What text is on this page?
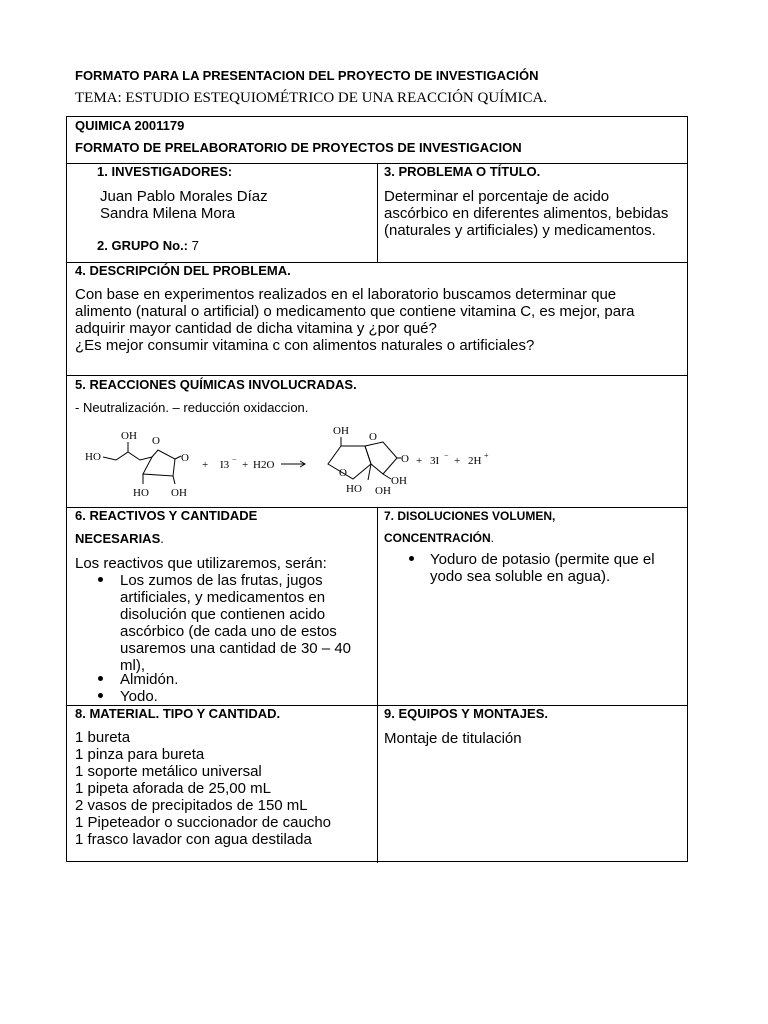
FORMATO PARA LA PRESENTACION DEL PROYECTO DE INVESTIGACIÓN
TEMA: ESTUDIO ESTEQUIOMÉTRICO DE UNA REACCIÓN QUÍMICA.
QUIMICA 2001179
FORMATO DE PRELABORATORIO DE PROYECTOS DE INVESTIGACION
1. INVESTIGADORES:
Juan Pablo Morales Díaz
Sandra Milena Mora
2. GRUPO No.: 7
3. PROBLEMA O TÍTULO.
Determinar el porcentaje de acido
ascórbico en diferentes alimentos, bebidas
(naturales y artificiales) y medicamentos.
4. DESCRIPCIÓN DEL PROBLEMA.
Con base en experimentos realizados en el laboratorio buscamos determinar que
alimento (natural o artificial) o medicamento que contiene vitamina C, es mejor, para
adquirir mayor cantidad de dicha vitamina y ¿por qué?
¿Es mejor consumir vitamina c con alimentos naturales o artificiales?
5. REACCIONES QUÍMICAS INVOLUCRADAS.
- Neutralización. – reducción oxidaccion.
OH
HO
O
O
HO OH
+ I3 − + H2O
OH O
O
O
OH
HO OH
+ 3I − + 2H +
6. REACTIVOS Y CANTIDADE
NECESARIAS.
Los reactivos que utilizaremos, serán:
Los zumos de las frutas, jugos
artificiales, y medicamentos en
disolución que contienen acido
ascórbico (de cada uno de estos
usaremos una cantidad de 30 – 40
ml),
Almidón.
Yodo.
7. DISOLUCIONES VOLUMEN,
CONCENTRACIÓN.
Yoduro de potasio (permite que el
yodo sea soluble en agua).
8. MATERIAL. TIPO Y CANTIDAD.
1 bureta
1 pinza para bureta
1 soporte metálico universal
1 pipeta aforada de 25,00 mL
2 vasos de precipitados de 150 mL
1 Pipeteador o succionador de caucho
1 frasco lavador con agua destilada
9. EQUIPOS Y MONTAJES.
Montaje de titulación
